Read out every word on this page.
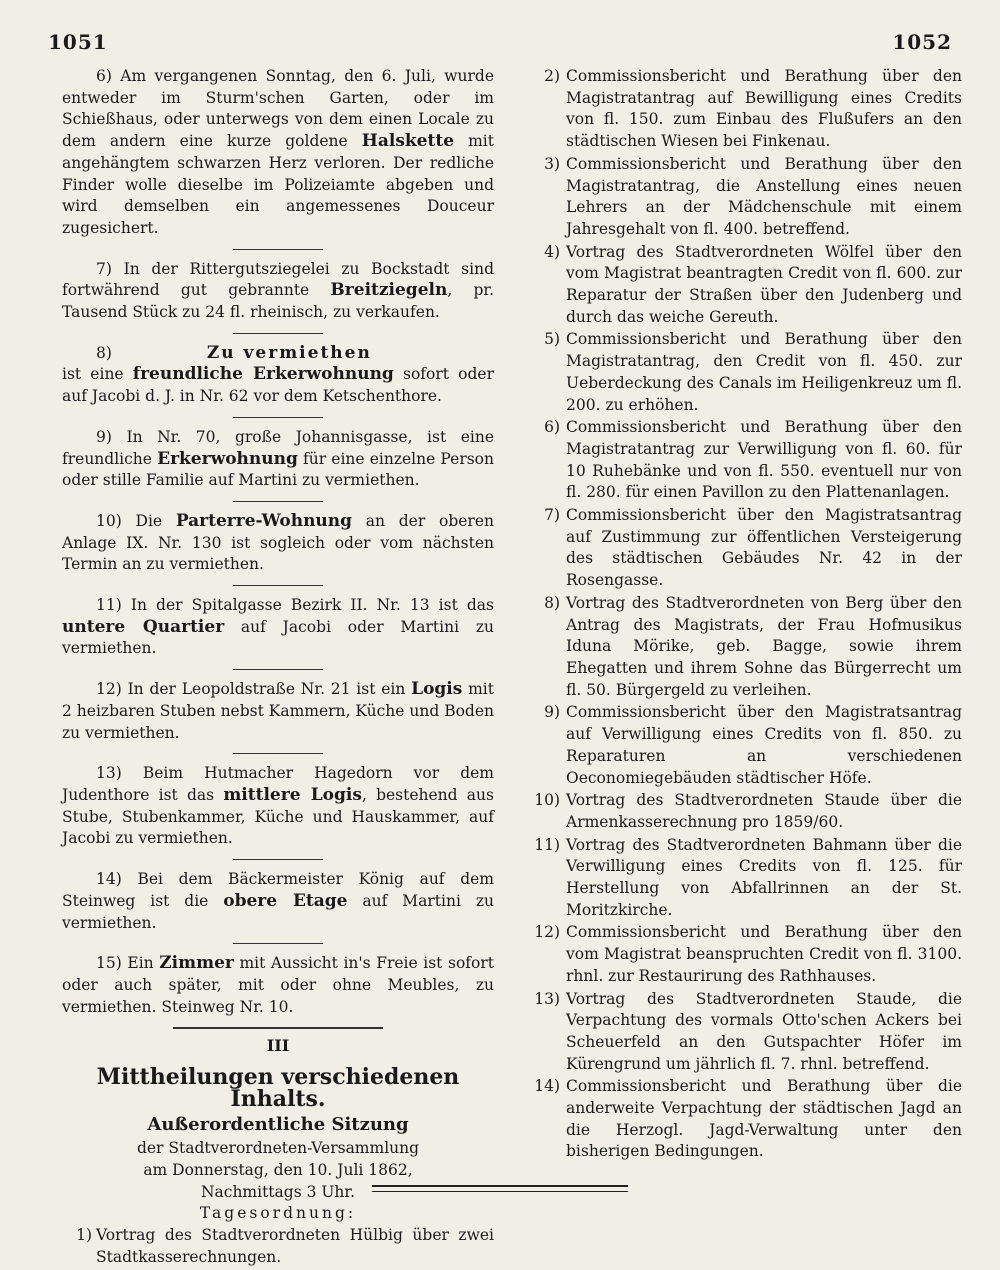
1051	1052

6) Am vergangenen Sonntag, den 6. Juli, wurde entweder im Sturm'schen Garten, oder im Schießhaus, oder unterwegs von dem einen Locale zu dem andern eine kurze goldene Halskette mit angehängtem schwarzen Herz verloren. Der redliche Finder wolle dieselbe im Polizeiamte abgeben und wird demselben ein angemessenes Douceur zugesichert.

7) In der Rittergutsziegelei zu Bockstadt sind fortwährend gut gebrannte Breitziegeln, pr. Tausend Stück zu 24 fl. rheinisch, zu verkaufen.

8)	Zu vermiethen
ist eine freundliche Erkerwohnung sofort oder auf Jacobi d. J. in Nr. 62 vor dem Ketschenthore.

9) In Nr. 70, große Johannisgasse, ist eine freundliche Erkerwohnung für eine einzelne Person oder stille Familie auf Martini zu vermiethen.

10) Die Parterre-Wohnung an der oberen Anlage IX. Nr. 130 ist sogleich oder vom nächsten Termin an zu vermiethen.

11) In der Spitalgasse Bezirk II. Nr. 13 ist das untere Quartier auf Jacobi oder Martini zu vermiethen.

12) In der Leopoldstraße Nr. 21 ist ein Logis mit 2 heizbaren Stuben nebst Kammern, Küche und Boden zu vermiethen.

13) Beim Hutmacher Hagedorn vor dem Judenthore ist das mittlere Logis, bestehend aus Stube, Stubenkammer, Küche und Hauskammer, auf Jacobi zu vermiethen.

14) Bei dem Bäckermeister König auf dem Steinweg ist die obere Etage auf Martini zu vermiethen.

15) Ein Zimmer mit Aussicht in's Freie ist sofort oder auch später, mit oder ohne Meubles, zu vermiethen. Steinweg Nr. 10.

III

Mittheilungen verschiedenen Inhalts.

Außerordentliche Sitzung

der Stadtverordneten-Versammlung

am Donnerstag, den 10. Juli 1862,

Nachmittags 3 Uhr.

Tagesordnung:

1) Vortrag des Stadtverordneten Hülbig über zwei Stadtkasserechnungen.

2) Commissionsbericht und Berathung über den Magistratantrag auf Bewilligung eines Credits von fl. 150. zum Einbau des Flußufers an den städtischen Wiesen bei Finkenau.

3) Commissionsbericht und Berathung über den Magistratantrag, die Anstellung eines neuen Lehrers an der Mädchenschule mit einem Jahresgehalt von fl. 400. betreffend.

4) Vortrag des Stadtverordneten Wölfel über den vom Magistrat beantragten Credit von fl. 600. zur Reparatur der Straßen über den Judenberg und durch das weiche Gereuth.

5) Commissionsbericht und Berathung über den Magistratantrag, den Credit von fl. 450. zur Ueberdeckung des Canals im Heiligenkreuz um fl. 200. zu erhöhen.

6) Commissionsbericht und Berathung über den Magistratantrag zur Verwilligung von fl. 60. für 10 Ruhebänke und von fl. 550. eventuell nur von fl. 280. für einen Pavillon zu den Plattenanlagen.

7) Commissionsbericht über den Magistratsantrag auf Zustimmung zur öffentlichen Versteigerung des städtischen Gebäudes Nr. 42 in der Rosengasse.

8) Vortrag des Stadtverordneten von Berg über den Antrag des Magistrats, der Frau Hofmusikus Iduna Mörike, geb. Bagge, sowie ihrem Ehegatten und ihrem Sohne das Bürgerrecht um fl. 50. Bürgergeld zu verleihen.

9) Commissionsbericht über den Magistratsantrag auf Verwilligung eines Credits von fl. 850. zu Reparaturen an verschiedenen Oeconomiegebäuden städtischer Höfe.

10) Vortrag des Stadtverordneten Staude über die Armenkasserechnung pro 1859/60.

11) Vortrag des Stadtverordneten Bahmann über die Verwilligung eines Credits von fl. 125. für Herstellung von Abfallrinnen an der St. Moritzkirche.

12) Commissionsbericht und Berathung über den vom Magistrat beanspruchten Credit von fl. 3100. rhnl. zur Restaurirung des Rathhauses.

13) Vortrag des Stadtverordneten Staude, die Verpachtung des vormals Otto'schen Ackers bei Scheuerfeld an den Gutspachter Höfer im Kürengrund um jährlich fl. 7. rhnl. betreffend.

14) Commissionsbericht und Berathung über die anderweite Verpachtung der städtischen Jagd an die Herzogl. Jagd-Verwaltung unter den bisherigen Bedingungen.
